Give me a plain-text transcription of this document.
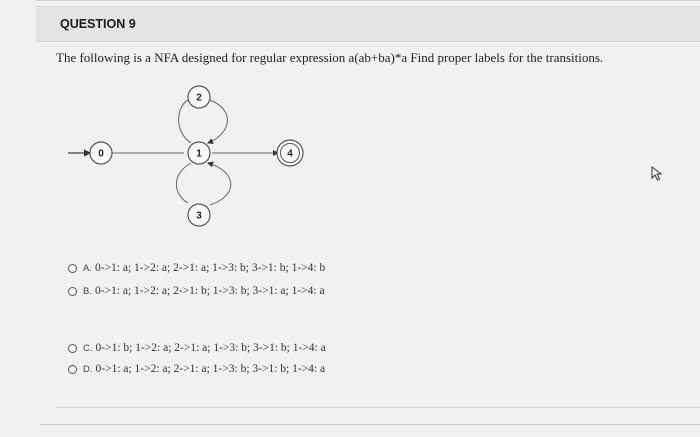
QUESTION 9
The following is a NFA designed for regular expression a(ab+ba)*a Find proper labels for the transitions.
0	1
2
3
4
A. 0->1: a; 1->2: a; 2->1: a; 1->3: b; 3->1: b; 1->4: b
B. 0->1: a; 1->2: a; 2->1: b; 1->3: b; 3->1: a; 1->4: a
C. 0->1: b; 1->2: a; 2->1: a; 1->3: b; 3->1: b; 1->4: a
D. 0->1: a; 1->2: a; 2->1: a; 1->3: b; 3->1: b; 1->4: a
